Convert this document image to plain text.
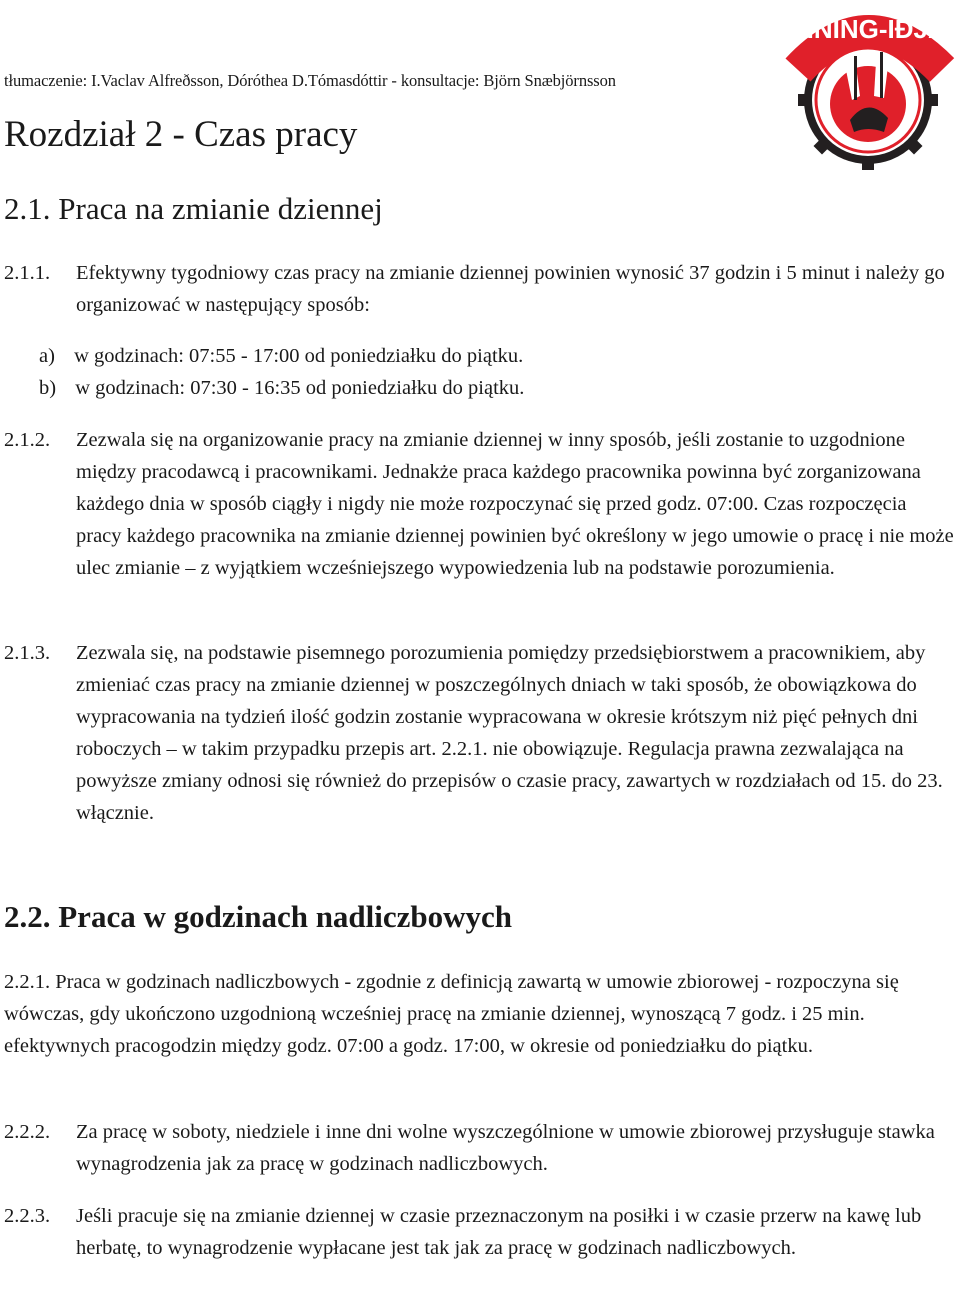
tłumaczenie: I.Vaclav Alfreðsson, Dóróthea D.Tómasdóttir - konsultacje: Björn Snæbjörnsson
Rozdział 2 - Czas pracy
EINING-IÐJA
2.1. Praca na zmianie dziennej
2.1.1. Efektywny tygodniowy czas pracy na zmianie dziennej powinien wynosić 37 godzin i 5 minut i należy go organizować w następujący sposób:
a) w godzinach: 07:55 - 17:00 od poniedziałku do piątku.
b) w godzinach: 07:30 - 16:35 od poniedziałku do piątku.
2.1.2. Zezwala się na organizowanie pracy na zmianie dziennej w inny sposób, jeśli zostanie to uzgodnione między pracodawcą i pracownikami. Jednakże praca każdego pracownika powinna być zorganizowana każdego dnia w sposób ciągły i nigdy nie może rozpoczynać się przed godz. 07:00. Czas rozpoczęcia pracy każdego pracownika na zmianie dziennej powinien być określony w jego umowie o pracę i nie może ulec zmianie – z wyjątkiem wcześniejszego wypowiedzenia lub na podstawie porozumienia.
2.1.3. Zezwala się, na podstawie pisemnego porozumienia pomiędzy przedsiębiorstwem a pracownikiem, aby zmieniać czas pracy na zmianie dziennej w poszczególnych dniach w taki sposób, że obowiązkowa do wypracowania na tydzień ilość godzin zostanie wypracowana w okresie krótszym niż pięć pełnych dni roboczych – w takim przypadku przepis art. 2.2.1. nie obowiązuje. Regulacja prawna zezwalająca na powyższe zmiany odnosi się również do przepisów o czasie pracy, zawartych w rozdziałach od 15. do 23. włącznie.
2.2. Praca w godzinach nadliczbowych

2.2.1. Praca w godzinach nadliczbowych - zgodnie z definicją zawartą w umowie zbiorowej - rozpoczyna się wówczas, gdy ukończono uzgodnioną wcześniej pracę na zmianie dziennej, wynoszącą 7 godz. i 25 min. efektywnych pracogodzin między godz. 07:00 a godz. 17:00, w okresie od poniedziałku do piątku.

2.2.2. Za pracę w soboty, niedziele i inne dni wolne wyszczególnione w umowie zbiorowej przysługuje stawka wynagrodzenia jak za pracę w godzinach nadliczbowych.
2.2.3. Jeśli pracuje się na zmianie dziennej w czasie przeznaczonym na posiłki i w czasie przerw na kawę lub herbatę, to wynagrodzenie wypłacane jest tak jak za pracę w godzinach nadliczbowych.
